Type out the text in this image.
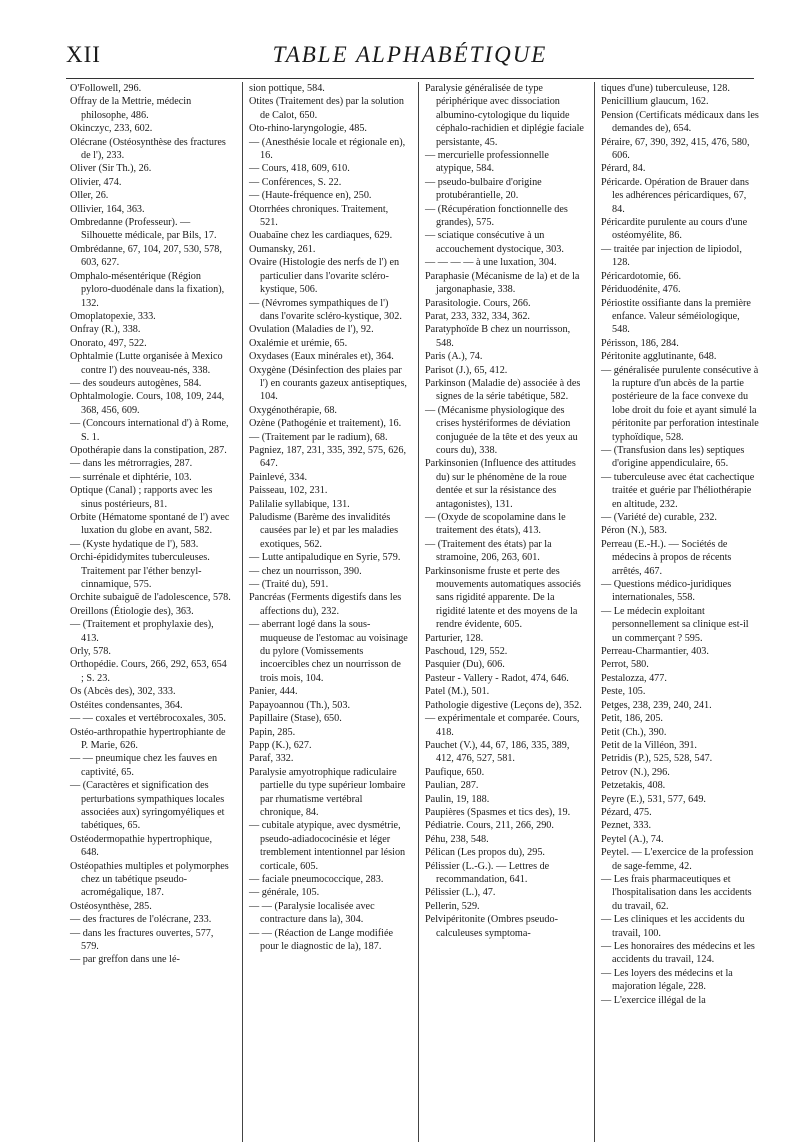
XII	TABLE ALPHABÉTIQUE

O'Followell, 296.

Offray de la Mettrie, médecin philosophe, 486.

Okinczyc, 233, 602.

Olécrane (Ostéosynthèse des fractures de l'), 233.

Oliver (Sir Th.), 26.

Olivier, 474.

Oller, 26.

Ollivier, 164, 363.

Ombredanne (Professeur). — Silhouette médicale, par Bils, 17.

Ombrédanne, 67, 104, 207, 530, 578, 603, 627.

Omphalo-mésentérique (Région pyloro-duodénale dans la fixation), 132.

Omoplatopexie, 333.

Onfray (R.), 338.

Onorato, 497, 522.

Ophtalmie (Lutte organisée à Mexico contre l') des nouveau-nés, 338.

— des soudeurs autogènes, 584.

Ophtalmologie. Cours, 108, 109, 244, 368, 456, 609.

— (Concours international d') à Rome, S. 1.

Opothérapie dans la constipation, 287.

— dans les métrorragies, 287.

— surrénale et diphtérie, 103.

Optique (Canal) ; rapports avec les sinus postérieurs, 81.

Orbite (Hématome spontané de l') avec luxation du globe en avant, 582.

— (Kyste hydatique de l'), 583.

Orchi-épididymites tuberculeuses. Traitement par l'éther benzyl-cinnamique, 575.

Orchite subaiguë de l'adolescence, 578.

Oreillons (Étiologie des), 363.

— (Traitement et prophylaxie des), 413.

Orly, 578.

Orthopédie. Cours, 266, 292, 653, 654 ; S. 23.

Os (Abcès des), 302, 333.

Ostéites condensantes, 364.

— — coxales et vertébrocoxales, 305.

Ostéo-arthropathie hypertrophiante de P. Marie, 626.

— — pneumique chez les fauves en captivité, 65.

— (Caractères et signification des perturbations sympathiques locales associées aux) syringomyéliques et tabétiques, 65.

Ostéodermopathie hypertrophique, 648.

Ostéopathies multiples et polymorphes chez un tabétique pseudo-acromégalique, 187.

Ostéosynthèse, 285.

— des fractures de l'olécrane, 233.

— dans les fractures ouvertes, 577, 579.

— par greffon dans une lé-

sion pottique, 584.

Otites (Traitement des) par la solution de Calot, 650.

Oto-rhino-laryngologie, 485.

— (Anesthésie locale et régionale en), 16.

— Cours, 418, 609, 610.

— Conférences, S. 22.

— (Haute-fréquence en), 250.

Otorrhées chroniques. Traitement, 521.

Ouabaïne chez les cardiaques, 629.

Oumansky, 261.

Ovaire (Histologie des nerfs de l') en particulier dans l'ovarite scléro-kystique, 506.

— (Névromes sympathiques de l') dans l'ovarite scléro-kystique, 302.

Ovulation (Maladies de l'), 92.

Oxalémie et urémie, 65.

Oxydases (Eaux minérales et), 364.

Oxygène (Désinfection des plaies par l') en courants gazeux antiseptiques, 104.

Oxygénothérapie, 68.

Ozène (Pathogénie et traitement), 16.

— (Traitement par le radium), 68.

Pagniez, 187, 231, 335, 392, 575, 626, 647.

Painlevé, 334.

Paisseau, 102, 231.

Palilalie syllabique, 131.

Paludisme (Barème des invalidités causées par le) et par les maladies exotiques, 562.

— Lutte antipaludique en Syrie, 579.

— chez un nourrisson, 390.

— (Traité du), 591.

Pancréas (Ferments digestifs dans les affections du), 232.

— aberrant logé dans la sous-muqueuse de l'estomac au voisinage du pylore (Vomissements incoercibles chez un nourrisson de trois mois, 104.

Panier, 444.

Papayoannou (Th.), 503.

Papillaire (Stase), 650.

Papin, 285.

Papp (K.), 627.

Paraf, 332.

Paralysie amyotrophique radiculaire partielle du type supérieur lombaire par rhumatisme vertébral chronique, 84.

— cubitale atypique, avec dysmétrie, pseudo-adiadococinésie et léger tremblement intentionnel par lésion corticale, 605.

— faciale pneumococcique, 283.

— générale, 105.

— — (Paralysie localisée avec contracture dans la), 304.

— — (Réaction de Lange modifiée pour le diagnostic de la), 187.

Paralysie généralisée de type périphérique avec dissociation albumino-cytologique du liquide céphalo-rachidien et diplégie faciale persistante, 45.

— mercurielle professionnelle atypique, 584.

— pseudo-bulbaire d'origine protubérantielle, 20.

— (Récupération fonctionnelle des grandes), 575.

— sciatique consécutive à un accouchement dystocique, 303.

— — — — à une luxation, 304.

Paraphasie (Mécanisme de la) et de la jargonaphasie, 338.

Parasitologie. Cours, 266.

Parat, 233, 332, 334, 362.

Paratyphoïde B chez un nourrisson, 548.

Paris (A.), 74.

Parisot (J.), 65, 412.

Parkinson (Maladie de) associée à des signes de la série tabétique, 582.

— (Mécanisme physiologique des crises hystériformes de déviation conjuguée de la tête et des yeux au cours du), 338.

Parkinsonien (Influence des attitudes du) sur le phénomène de la roue dentée et sur la résistance des antagonistes), 131.

— (Oxyde de scopolamine dans le traitement des états), 413.

— (Traitement des états) par la stramoine, 206, 263, 601.

Parkinsonisme fruste et perte des mouvements automatiques associés sans rigidité apparente. De la rigidité latente et des moyens de la rendre évidente, 605.

Parturier, 128.

Paschoud, 129, 552.

Pasquier (Du), 606.

Pasteur - Vallery - Radot, 474, 646.

Patel (M.), 501.

Pathologie digestive (Leçons de), 352.

— expérimentale et comparée. Cours, 418.

Pauchet (V.), 44, 67, 186, 335, 389, 412, 476, 527, 581.

Paufique, 650.

Paulian, 287.

Paulin, 19, 188.

Paupières (Spasmes et tics des), 19.

Pédiatrie. Cours, 211, 266, 290.

Péhu, 238, 548.

Pélican (Les propos du), 295.

Pélissier (L.-G.). — Lettres de recommandation, 641.

Pélissier (L.), 47.

Pellerin, 529.

Pelvipéritonite (Ombres pseudo-calculeuses symptoma-

tiques d'une) tuberculeuse, 128.

Penicillium glaucum, 162.

Pension (Certificats médicaux dans les demandes de), 654.

Péraire, 67, 390, 392, 415, 476, 580, 606.

Pérard, 84.

Péricarde. Opération de Brauer dans les adhérences péricardiques, 67, 84.

Péricardite purulente au cours d'une ostéomyélite, 86.

— traitée par injection de lipiodol, 128.

Péricardotomie, 66.

Périduodénite, 476.

Périostite ossifiante dans la première enfance. Valeur séméiologique, 548.

Périsson, 186, 284.

Péritonite agglutinante, 648.

— généralisée purulente consécutive à la rupture d'un abcès de la partie postérieure de la face convexe du lobe droit du foie et ayant simulé la péritonite par perforation intestinale typhoïdique, 528.

— (Transfusion dans les) septiques d'origine appendiculaire, 65.

— tuberculeuse avec état cachectique traitée et guérie par l'héliothérapie en altitude, 232.

— (Variété de) curable, 232.

Péron (N.), 583.

Perreau (E.-H.). — Sociétés de médecins à propos de récents arrêtés, 467.

— Questions médico-juridiques internationales, 558.

— Le médecin exploitant personnellement sa clinique est-il un commerçant ? 595.

Perreau-Charmantier, 403.

Perrot, 580.

Pestalozza, 477.

Peste, 105.

Petges, 238, 239, 240, 241.

Petit, 186, 205.

Petit (Ch.), 390.

Petit de la Villéon, 391.

Petridis (P.), 525, 528, 547.

Petrov (N.), 296.

Petzetakis, 408.

Peyre (E.), 531, 577, 649.

Pézard, 475.

Peznet, 333.

Peytel (A.), 74.

Peytel. — L'exercice de la profession de sage-femme, 42.

— Les frais pharmaceutiques et l'hospitalisation dans les accidents du travail, 62.

— Les cliniques et les accidents du travail, 100.

— Les honoraires des médecins et les accidents du travail, 124.

— Les loyers des médecins et la majoration légale, 228.

— L'exercice illégal de la
